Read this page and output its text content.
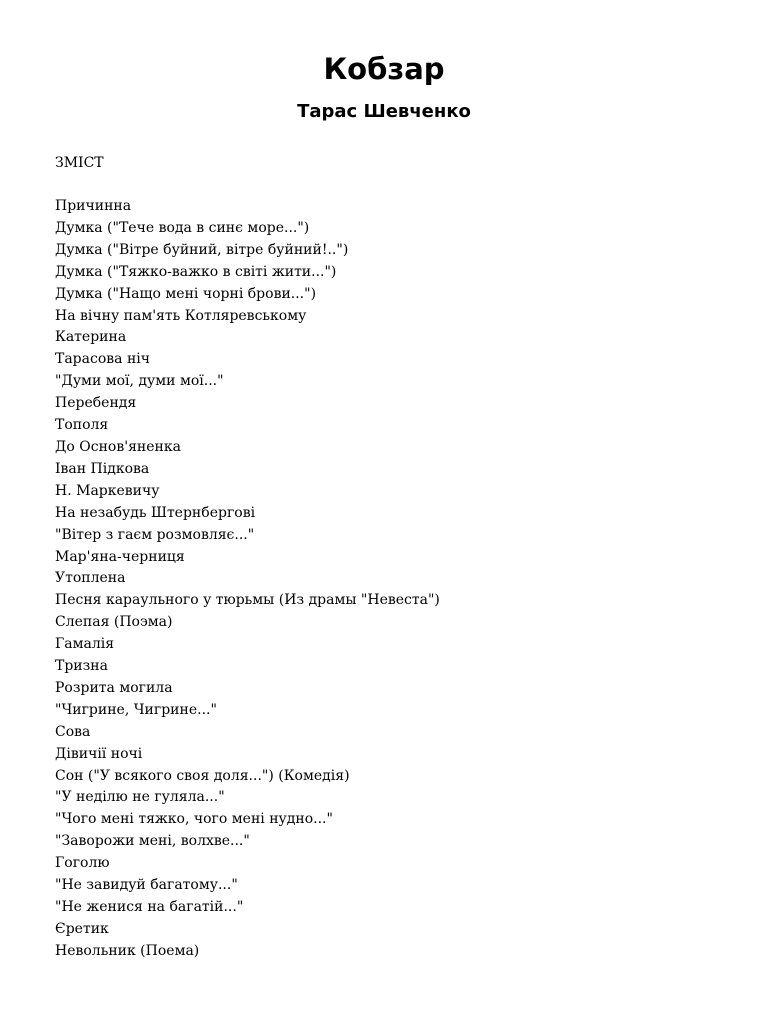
Кобзар
Тарас Шевченко

ЗМІСТ

Причинна
Думка ("Тече вода в синє море...")
Думка ("Вітре буйний, вітре буйний!..")
Думка ("Тяжко-важко в світі жити...")
Думка ("Нащо мені чорні брови...")
На вічну пам'ять Котляревському
Катерина
Тарасова ніч
"Думи мої, думи мої..."
Перебендя
Тополя
До Основ'яненка
Іван Підкова
Н. Маркевичу
На незабудь Штернбергові
"Вітер з гаєм розмовляє..."
Мар'яна-черниця
Утоплена
Песня караульного у тюрьмы (Из драмы "Невеста")
Слепая (Поэма)
Гамалія
Тризна
Розрита могила
"Чигрине, Чигрине..."
Сова
Дівичії ночі
Сон ("У всякого своя доля...") (Комедія)
"У неділю не гуляла..."
"Чого мені тяжко, чого мені нудно..."
"Заворожи мені, волхве..."
Гоголю
"Не завидуй багатому..."
"Не женися на багатій..."
Єретик
Невольник (Поема)
